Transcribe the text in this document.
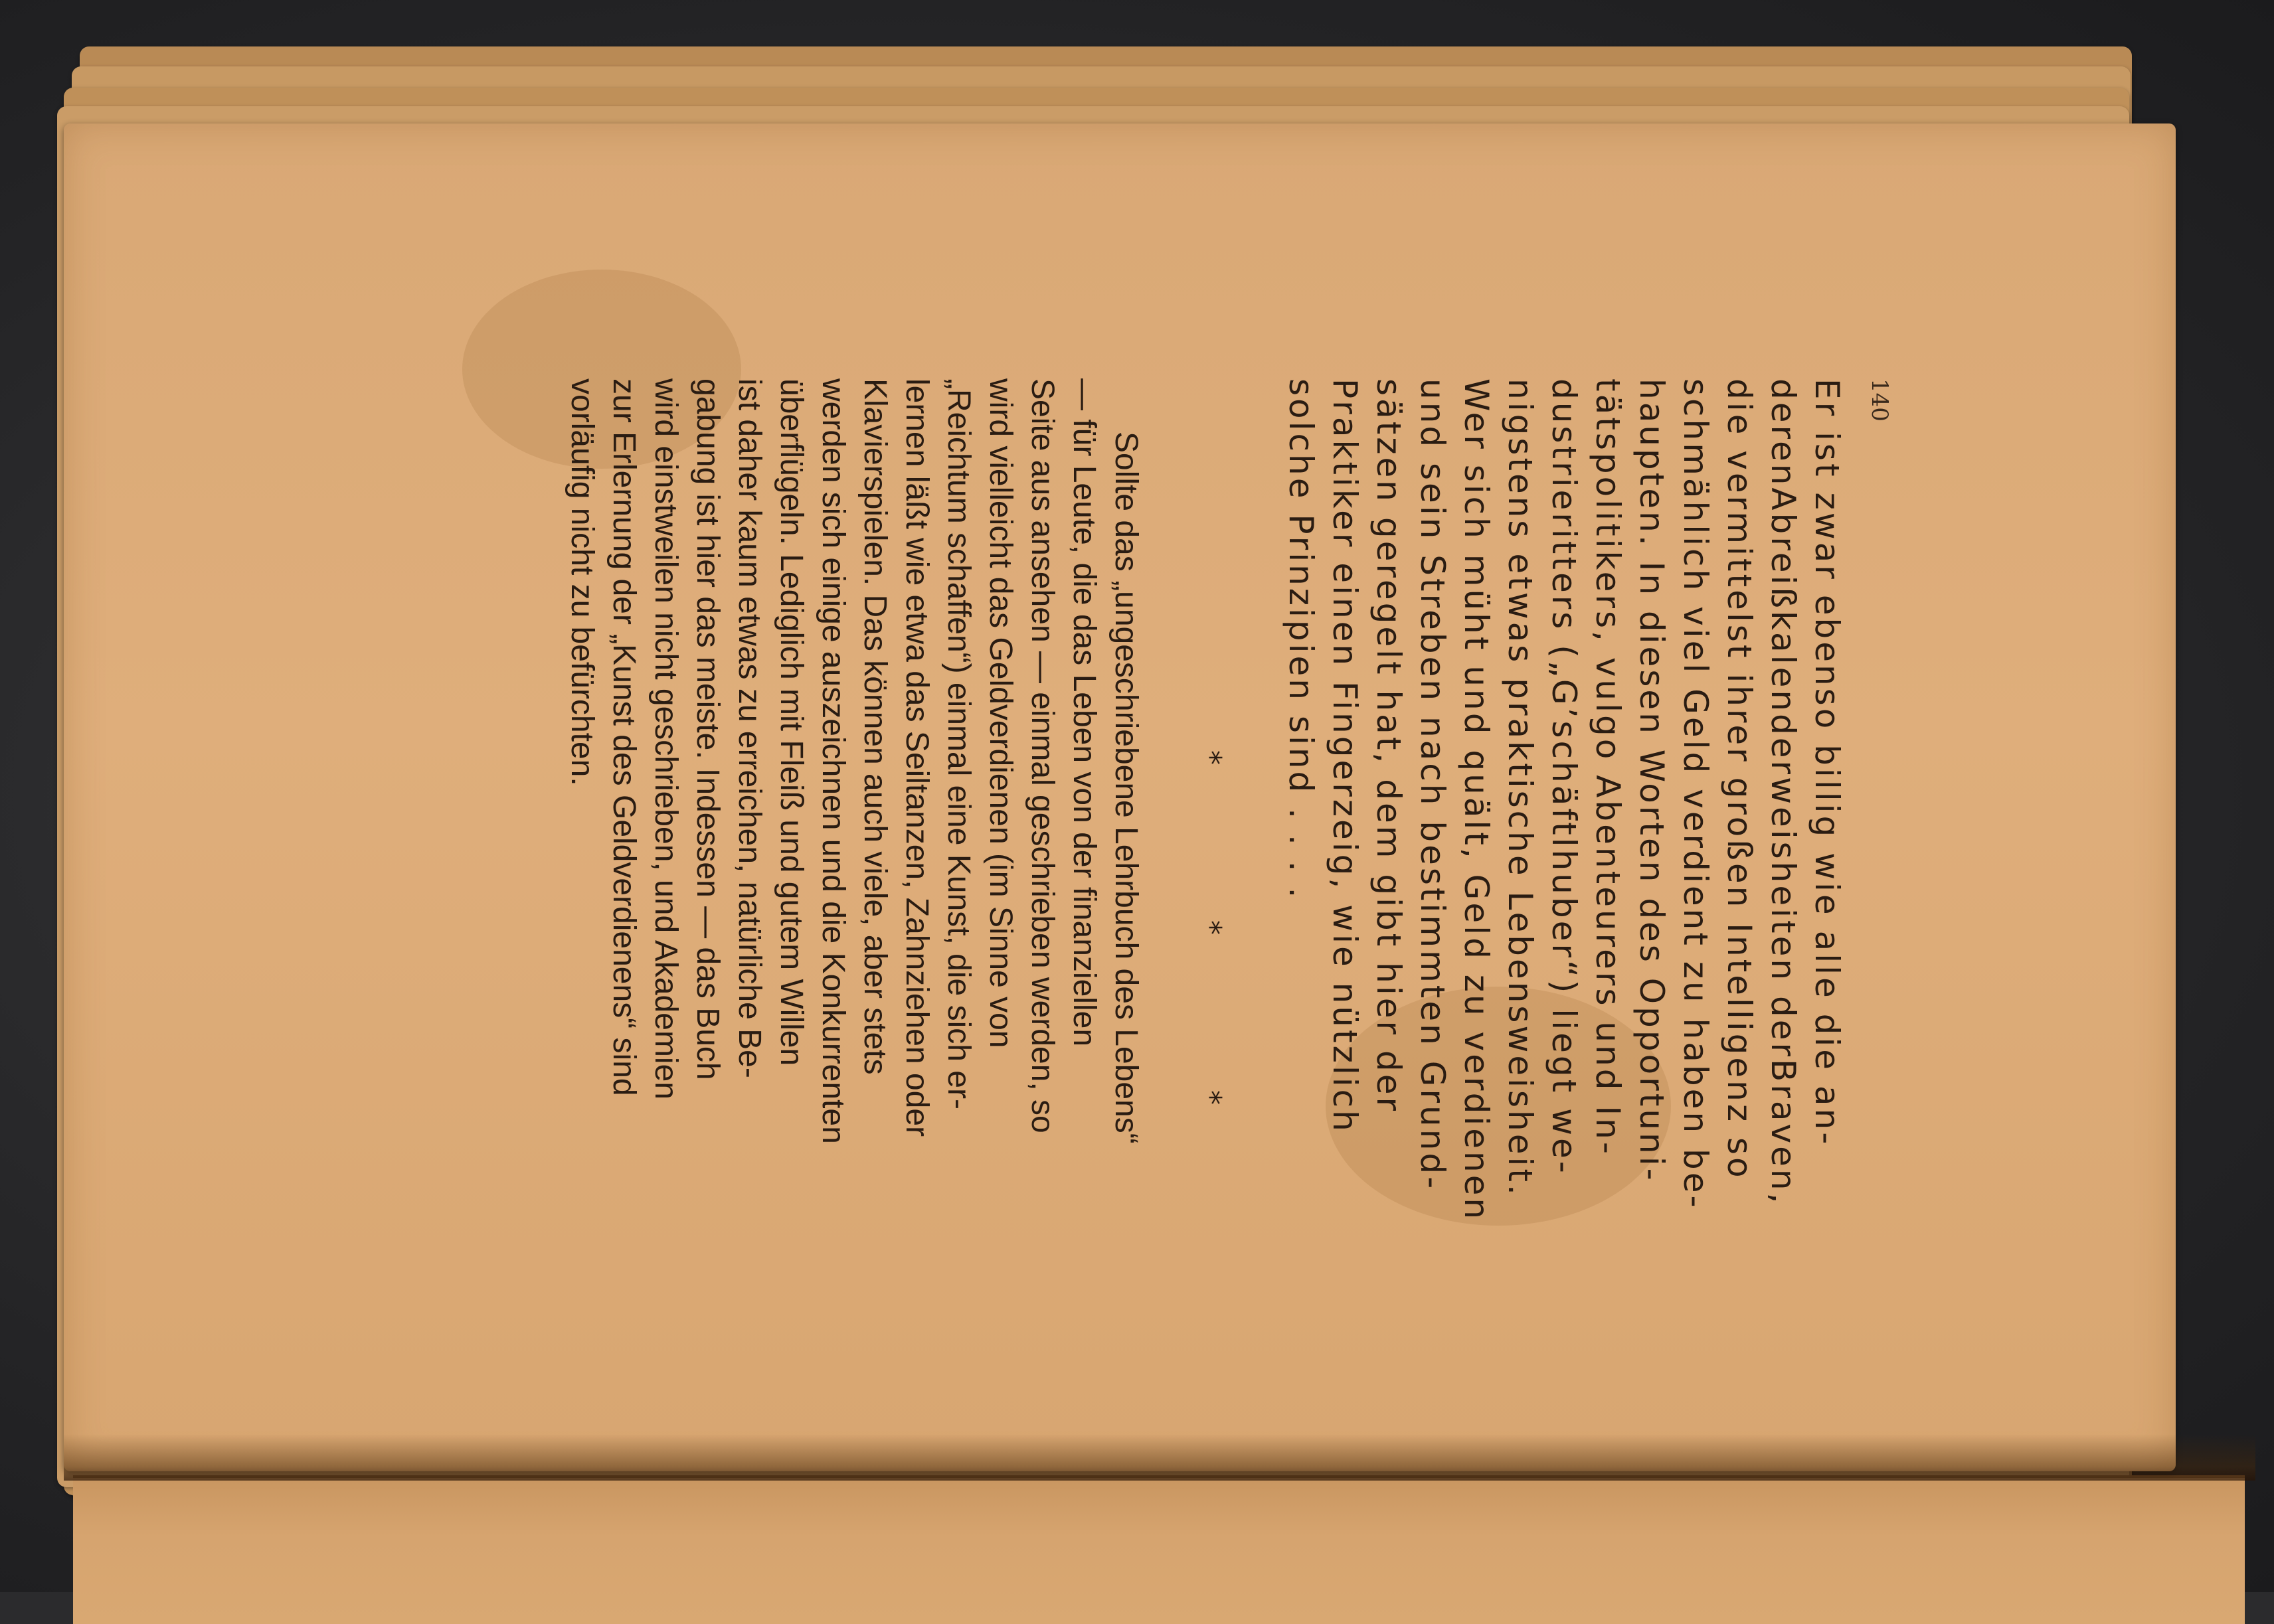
140

Er ist zwar ebenso billig wie alle die an-

derenAbreißkalenderweisheiten derBraven,

die vermittelst ihrer großen Intelligenz so

schmählich viel Geld verdient zu haben be-

haupten. In diesen Worten des Opportuni-

tätspolitikers, vulgo Abenteurers und In-

dustrieritters („G’schäftlhuber“) liegt we-

nigstens etwas praktische Lebensweisheit.

Wer sich müht und quält, Geld zu verdienen

und sein Streben nach bestimmten Grund-

sätzen geregelt hat, dem gibt hier der

Praktiker einen Fingerzeig, wie nützlich

solche Prinzipien sind . . . .

* * *

Sollte das „ungeschriebene Lehrbuch des Lebens“

— für Leute, die das Leben von der finanziellen

Seite aus ansehen — einmal geschrieben werden, so

wird vielleicht das Geldverdienen (im Sinne von

„Reichtum schaffen“) einmal eine Kunst, die sich er-

lernen läßt wie etwa das Seiltanzen, Zahnziehen oder

Klavierspielen. Das können auch viele, aber stets

werden sich einige auszeichnen und die Konkurrenten

überflügeln. Lediglich mit Fleiß und gutem Willen

ist daher kaum etwas zu erreichen, natürliche Be-

gabung ist hier das meiste. Indessen — das Buch

wird einstweilen nicht geschrieben, und Akademien

zur Erlernung der „Kunst des Geldverdienens“ sind

vorläufig nicht zu befürchten.
